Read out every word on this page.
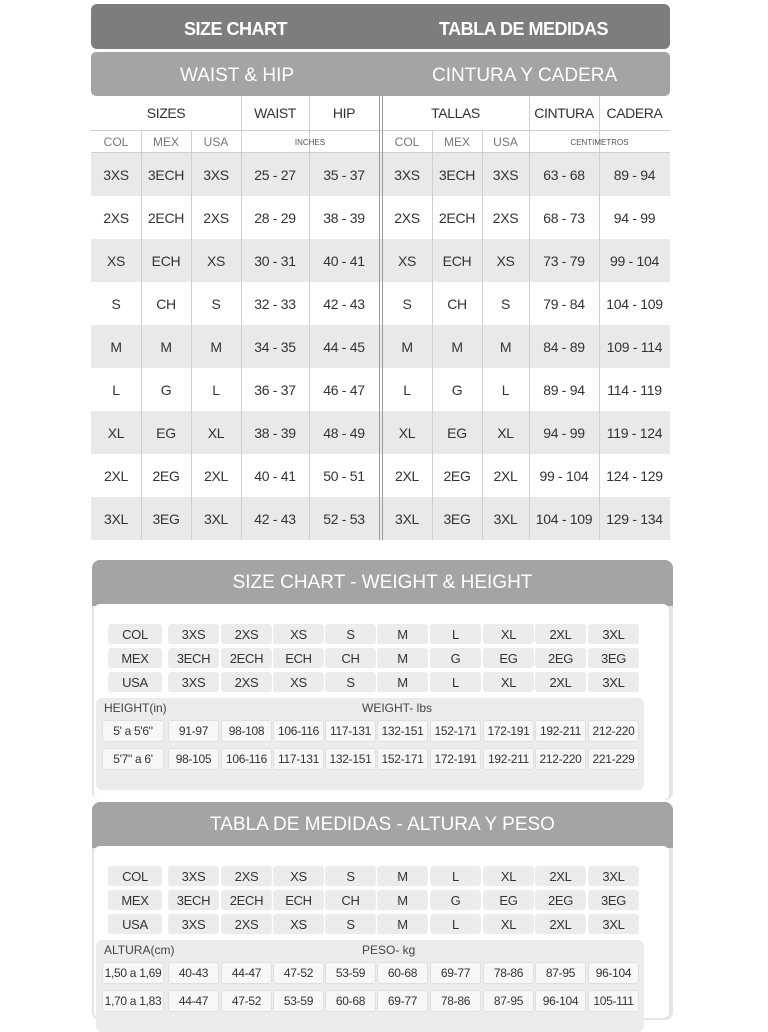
SIZE CHART	TABLA DE MEDIDAS
WAIST & HIP	CINTURA Y CADERA
SIZES	WAIST	HIP
COL	MEX	USA	INCHES
3XS	3ECH	3XS	25 - 27	35 - 37
2XS	2ECH	2XS	28 - 29	38 - 39
XS	ECH	XS	30 - 31	40 - 41
S	CH	S	32 - 33	42 - 43
M	M	M	34 - 35	44 - 45
L	G	L	36 - 37	46 - 47
XL	EG	XL	38 - 39	48 - 49
2XL	2EG	2XL	40 - 41	50 - 51
3XL	3EG	3XL	42 - 43	52 - 53
TALLAS	CINTURA CADERA
COL	MEX	USA	CENTIMETROS
3XS	3ECH	3XS	63 - 68	89 - 94
2XS	2ECH	2XS	68 - 73	94 - 99
XS	ECH	XS	73 - 79	99 - 104
S	CH	S	79 - 84	104 - 109
M	M	M	84 - 89	109 - 114
L	G	L	89 - 94	114 - 119
XL	EG	XL	94 - 99	119 - 124
2XL	2EG	2XL	99 - 104	124 - 129
3XL	3EG	3XL	104 - 109	129 - 134
SIZE CHART - WEIGHT & HEIGHT
COL	3XS	2XS	XS	S	M	L	XL	2XL	3XL
MEX	3ECH	2ECH	ECH	CH	M	G	EG	2EG	3EG
USA	3XS	2XS	XS	S	M	L	XL	2XL	3XL
HEIGHT(in)	WEIGHT- lbs
5' a 5'6"	91-97	98-108	106-116 117-131 132-151 152-171 172-191 192-211 212-220
5'7" a 6'	98-105	106-116 117-131 132-151 152-171 172-191 192-211 212-220 221-229
TABLA DE MEDIDAS - ALTURA Y PESO
COL	3XS	2XS	XS	S	M	L	XL	2XL	3XL
MEX	3ECH	2ECH	ECH	CH	M	G	EG	2EG	3EG
USA	3XS	2XS	XS	S	M	L	XL	2XL	3XL
ALTURA(cm)	PESO- kg
1,50 a 1,69	40-43	44-47	47-52	53-59	60-68	69-77	78-86	87-95	96-104
1,70 a 1,83	44-47	47-52	53-59	60-68	69-77	78-86	87-95	96-104	105-111
